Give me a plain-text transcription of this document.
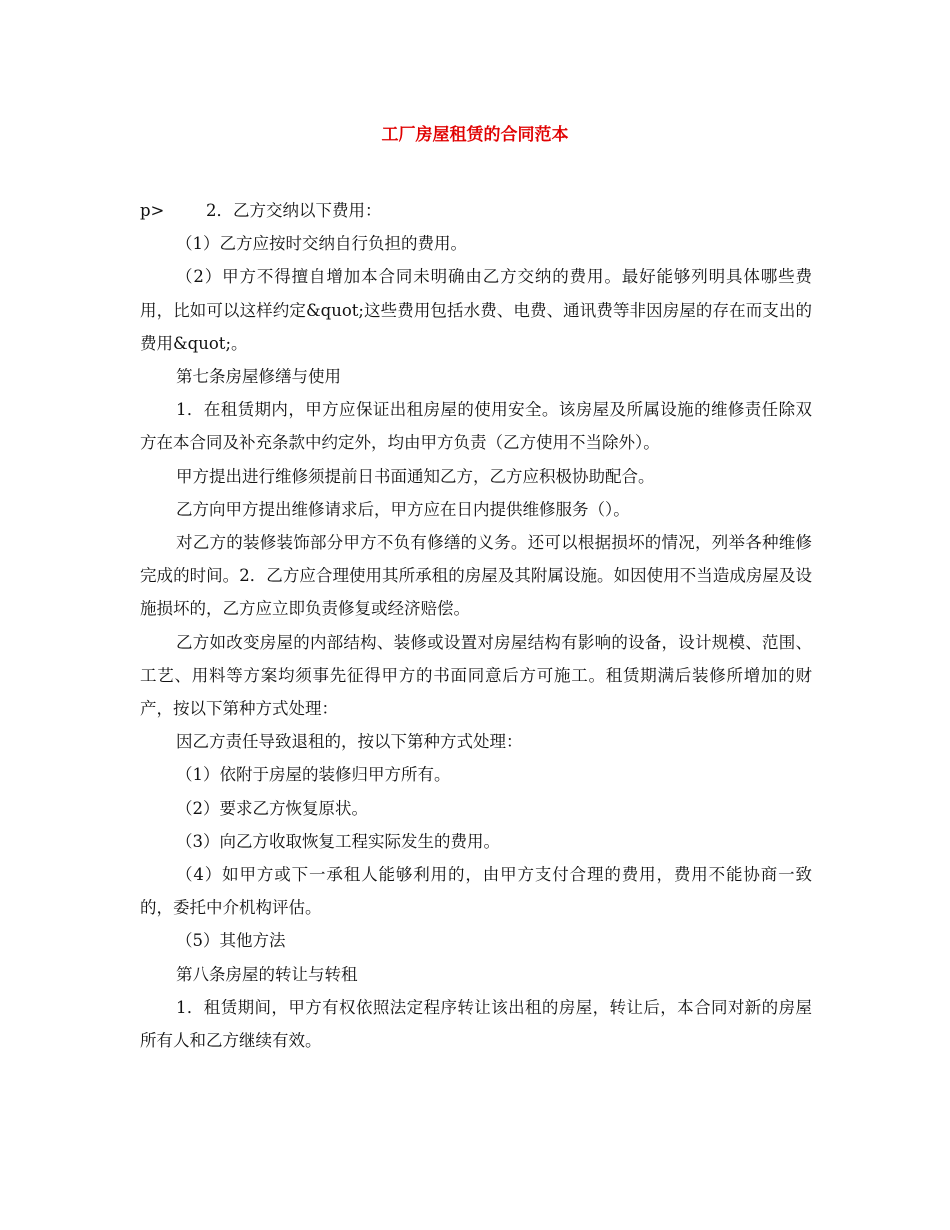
工厂房屋租赁的合同范本

p>	2．乙方交纳以下费用：

（1）乙方应按时交纳自行负担的费用。

（2）甲方不得擅自增加本合同未明确由乙方交纳的费用。最好能够列明具体哪些费用，比如可以这样约定&quot;这些费用包括水费、电费、通讯费等非因房屋的存在而支出的费用&quot;。

第七条房屋修缮与使用

1．在租赁期内，甲方应保证出租房屋的使用安全。该房屋及所属设施的维修责任除双方在本合同及补充条款中约定外，均由甲方负责（乙方使用不当除外）。

甲方提出进行维修须提前日书面通知乙方，乙方应积极协助配合。

乙方向甲方提出维修请求后，甲方应在日内提供维修服务（）。

对乙方的装修装饰部分甲方不负有修缮的义务。还可以根据损坏的情况，列举各种维修完成的时间。2．乙方应合理使用其所承租的房屋及其附属设施。如因使用不当造成房屋及设施损坏的，乙方应立即负责修复或经济赔偿。

乙方如改变房屋的内部结构、装修或设置对房屋结构有影响的设备，设计规模、范围、工艺、用料等方案均须事先征得甲方的书面同意后方可施工。租赁期满后装修所增加的财产，按以下第种方式处理：

因乙方责任导致退租的，按以下第种方式处理：

（1）依附于房屋的装修归甲方所有。

（2）要求乙方恢复原状。

（3）向乙方收取恢复工程实际发生的费用。

（4）如甲方或下一承租人能够利用的，由甲方支付合理的费用，费用不能协商一致的，委托中介机构评估。

（5）其他方法

第八条房屋的转让与转租

1．租赁期间，甲方有权依照法定程序转让该出租的房屋，转让后，本合同对新的房屋所有人和乙方继续有效。
